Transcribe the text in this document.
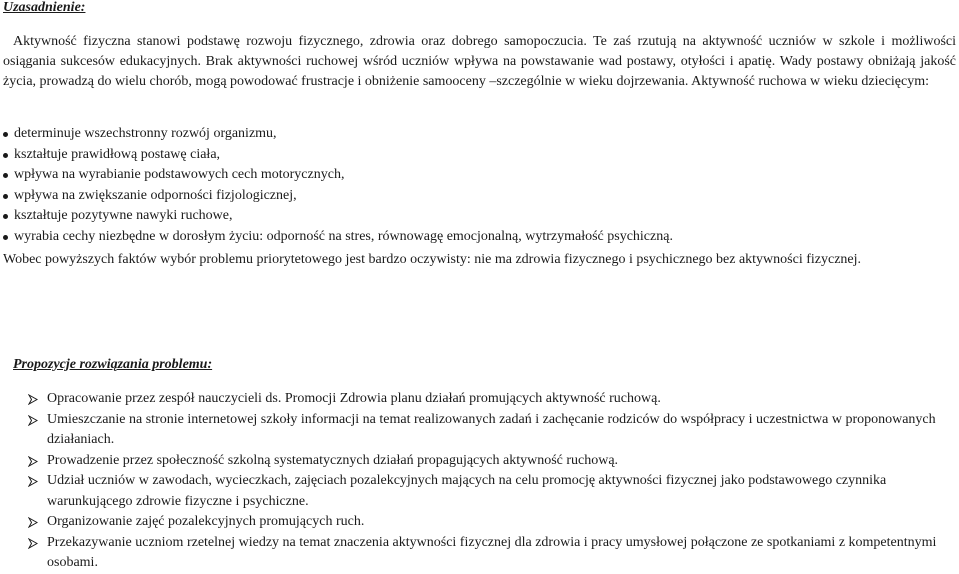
Uzasadnienie:

Aktywność fizyczna stanowi podstawę rozwoju fizycznego, zdrowia oraz dobrego samopoczucia. Te zaś rzutują na aktywność uczniów w szkole i możliwości osiągania sukcesów edukacyjnych. Brak aktywności ruchowej wśród uczniów wpływa na powstawanie wad postawy, otyłości i apatię. Wady postawy obniżają jakość życia, prowadzą do wielu chorób, mogą powodować frustracje i obniżenie samooceny –szczególnie w wieku dojrzewania. Aktywność ruchowa w wieku dziecięcym:

determinuje wszechstronny rozwój organizmu,
kształtuje prawidłową postawę ciała,
wpływa na wyrabianie podstawowych cech motorycznych,
wpływa na zwiększanie odporności fizjologicznej,
kształtuje pozytywne nawyki ruchowe,
wyrabia cechy niezbędne w dorosłym życiu: odporność na stres, równowagę emocjonalną, wytrzymałość psychiczną.

Wobec powyższych faktów wybór problemu priorytetowego jest bardzo oczywisty: nie ma zdrowia fizycznego i psychicznego bez aktywności fizycznej.

Propozycje rozwiązania problemu:
Opracowanie przez zespół nauczycieli ds. Promocji Zdrowia planu działań promujących aktywność ruchową.
Umieszczanie na stronie internetowej szkoły informacji na temat realizowanych zadań i zachęcanie rodziców do współpracy i uczestnictwa w proponowanych działaniach.
Prowadzenie przez społeczność szkolną systematycznych działań propagujących aktywność ruchową.
Udział uczniów w zawodach, wycieczkach, zajęciach pozalekcyjnych mających na celu promocję aktywności fizycznej jako podstawowego czynnika warunkującego zdrowie fizyczne i psychiczne.
Organizowanie zajęć pozalekcyjnych promujących ruch.
Przekazywanie uczniom rzetelnej wiedzy na temat znaczenia aktywności fizycznej dla zdrowia i pracy umysłowej połączone ze spotkaniami z kompetentnymi osobami.
